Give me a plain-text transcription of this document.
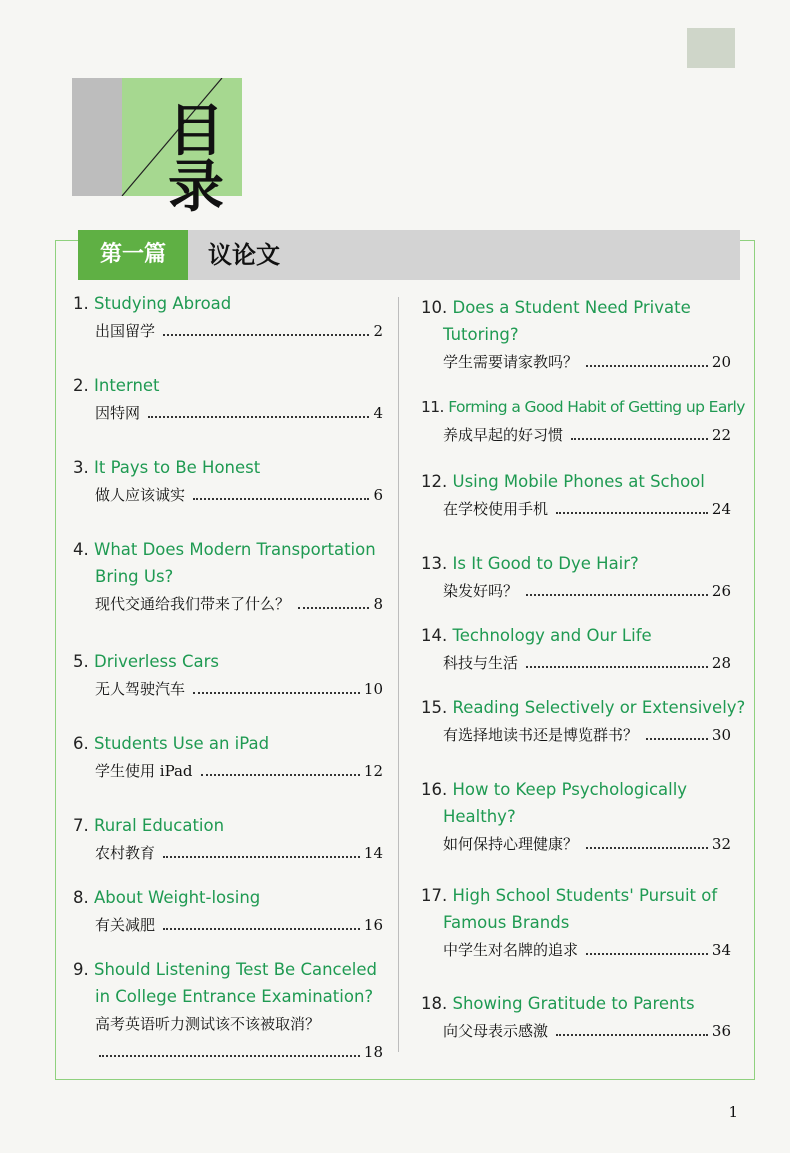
目录
第一篇	议论文
1. Studying Abroad
出国留学	2
2. Internet
因特网	4
3. It Pays to Be Honest
做人应该诚实	6
4. What Does Modern Transportation
Bring Us?
现代交通给我们带来了什么？	8
5. Driverless Cars
无人驾驶汽车	10
6. Students Use an iPad
学生使用 iPad	12
7. Rural Education
农村教育	14
8. About Weight-losing
有关减肥	16
9. Should Listening Test Be Canceled
in College Entrance Examination?
高考英语听力测试该不该被取消？
18
10. Does a Student Need Private
Tutoring?
学生需要请家教吗？	20
11. Forming a Good Habit of Getting up Early
养成早起的好习惯	22
12. Using Mobile Phones at School
在学校使用手机	24
13. Is It Good to Dye Hair?
染发好吗？	26
14. Technology and Our Life
科技与生活	28
15. Reading Selectively or Extensively?
有选择地读书还是博览群书？	30
16. How to Keep Psychologically
Healthy?
如何保持心理健康？	32
17. High School Students' Pursuit of
Famous Brands
中学生对名牌的追求	34
18. Showing Gratitude to Parents
向父母表示感激	36
1
